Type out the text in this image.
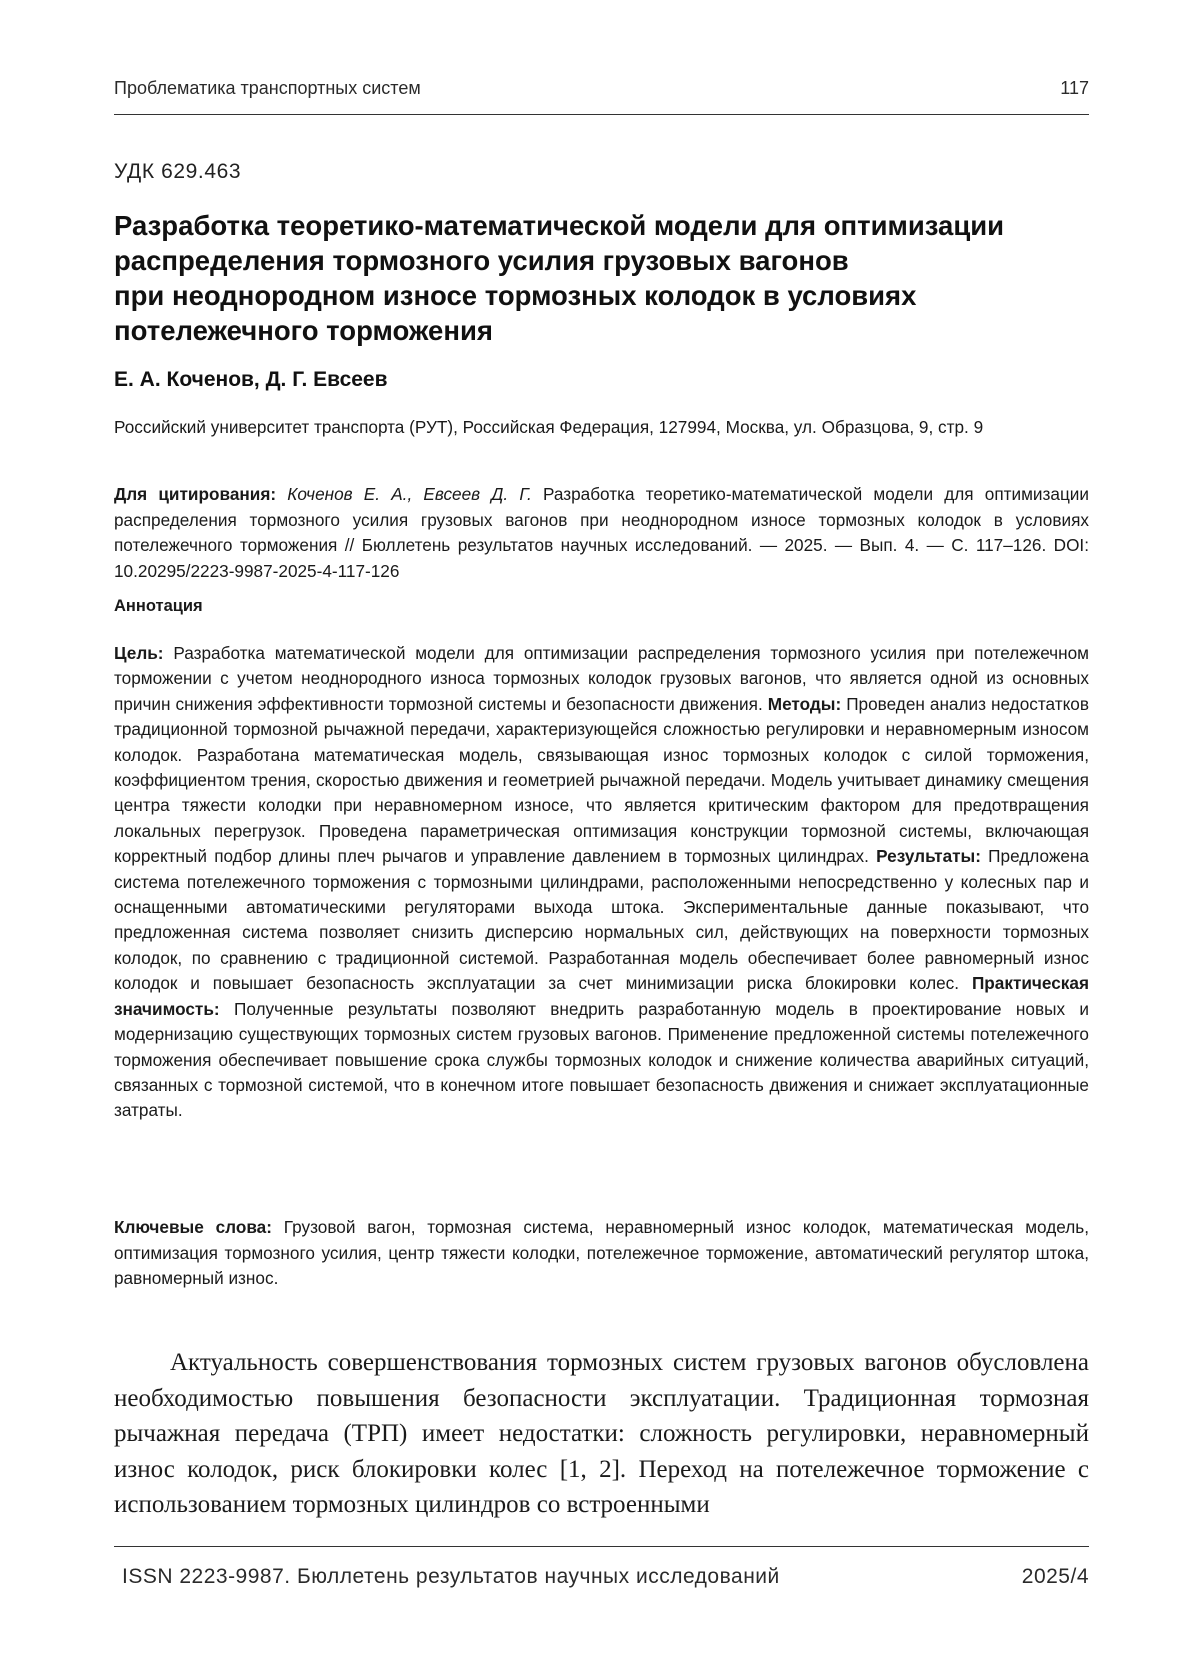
Проблематика транспортных систем	117
УДК 629.463
Разработка теоретико-математической модели для оптимизации
распределения тормозного усилия грузовых вагонов
при неоднородном износе тормозных колодок в условиях
потележечного торможения
Е. А. Коченов, Д. Г. Евсеев
Российский университет транспорта (РУТ), Российская Федерация, 127994, Москва, ул. Образцова, 9, стр. 9
Для цитирования: Коченов Е. А., Евсеев Д. Г. Разработка теоретико-математической модели для оптимизации распределения тормозного усилия грузовых вагонов при неоднородном износе тормозных колодок в условиях потележечного торможения // Бюллетень результатов научных исследований. — 2025. — Вып. 4. — С. 117–126. DOI: 10.20295/2223-9987-2025-4-117-126
Аннотация
Цель: Разработка математической модели для оптимизации распределения тормозного усилия при потележечном торможении с учетом неоднородного износа тормозных колодок грузовых вагонов, что является одной из основных причин снижения эффективности тормозной системы и безопасности движения. Методы: Проведен анализ недостатков традиционной тормозной рычажной передачи, характеризующейся сложностью регулировки и неравномерным износом колодок. Разработана математическая модель, связывающая износ тормозных колодок с силой торможения, коэффициентом трения, скоростью движения и геометрией рычажной передачи. Модель учитывает динамику смещения центра тяжести колодки при неравномерном износе, что является критическим фактором для предотвращения локальных перегрузок. Проведена параметрическая оптимизация конструкции тормозной системы, включающая корректный подбор длины плеч рычагов и управление давлением в тормозных цилиндрах. Результаты: Предложена система потележечного торможения с тормозными цилиндрами, расположенными непосредственно у колесных пар и оснащенными автоматическими регуляторами выхода штока. Экспериментальные данные показывают, что предложенная система позволяет снизить дисперсию нормальных сил, действующих на поверхности тормозных колодок, по сравнению с традиционной системой. Разработанная модель обеспечивает более равномерный износ колодок и повышает безопасность эксплуатации за счет минимизации риска блокировки колес. Практическая значимость: Полученные результаты позволяют внедрить разработанную модель в проектирование новых и модернизацию существующих тормозных систем грузовых вагонов. Применение предложенной системы потележечного торможения обеспечивает повышение срока службы тормозных колодок и снижение количества аварийных ситуаций, связанных с тормозной системой, что в конечном итоге повышает безопасность движения и снижает эксплуатационные затраты.
Ключевые слова: Грузовой вагон, тормозная система, неравномерный износ колодок, математическая модель, оптимизация тормозного усилия, центр тяжести колодки, потележечное торможение, автоматический регулятор штока, равномерный износ.

Актуальность совершенствования тормозных систем грузовых вагонов обусловлена необходимостью повышения безопасности эксплуатации. Традиционная тормозная рычажная передача (ТРП) имеет недостатки: сложность регулировки, неравномерный износ колодок, риск блокировки колес [1, 2]. Переход на потележечное торможение с использованием тормозных цилиндров со встроенными

ISSN 2223-9987. Бюллетень результатов научных исследований	2025/4
